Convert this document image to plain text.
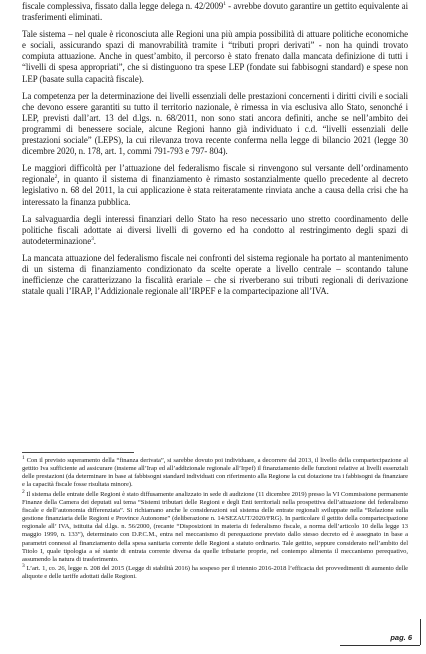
fiscale complessiva, fissato dalla legge delega n. 42/2009$^1$ - avrebbe dovuto garantire un gettito equivalente ai trasferimenti eliminati.

Tale sistema – nel quale è riconosciuta alle Regioni una più ampia possibilità di attuare politiche economiche e sociali, assicurando spazi di manovrabilità tramite i “tributi propri derivati” - non ha quindi trovato compiuta attuazione. Anche in quest’ambito, il percorso è stato frenato dalla mancata definizione di tutti i “livelli di spesa appropriati”, che si distinguono tra spese LEP (fondate sui fabbisogni standard) e spese non LEP (basate sulla capacità fiscale).

La competenza per la determinazione dei livelli essenziali delle prestazioni concernenti i diritti civili e sociali che devono essere garantiti su tutto il territorio nazionale, è rimessa in via esclusiva allo Stato, senonché i LEP, previsti dall’art. 13 del d.lgs. n. 68/2011, non sono stati ancora definiti, anche se nell’ambito dei programmi di benessere sociale, alcune Regioni hanno già individuato i c.d. “livelli essenziali delle prestazioni sociale” (LEPS), la cui rilevanza trova recente conferma nella legge di bilancio 2021 (legge 30 dicembre 2020, n. 178, art. 1, commi 791-793 e 797- 804).

Le maggiori difficoltà per l’attuazione del federalismo fiscale si rinvengono sul versante dell’ordinamento regionale$^2$, in quanto il sistema di finanziamento è rimasto sostanzialmente quello precedente al decreto legislativo n. 68 del 2011, la cui applicazione è stata reiteratamente rinviata anche a causa della crisi che ha interessato la finanza pubblica.

La salvaguardia degli interessi finanziari dello Stato ha reso necessario uno stretto coordinamento delle politiche fiscali adottate ai diversi livelli di governo ed ha condotto al restringimento degli spazi di autodeterminazione$^3$.

La mancata attuazione del federalismo fiscale nei confronti del sistema regionale ha portato al mantenimento di un sistema di finanziamento condizionato da scelte operate a livello centrale – scontando talune inefficienze che caratterizzano la fiscalità erariale – che si riverberano sui tributi regionali di derivazione statale quali l’IRAP, l’Addizionale regionale all’IRPEF e la compartecipazione all’IVA.

$^1$ Con il previsto superamento della “finanza derivata”, si sarebbe dovuto poi individuare, a decorrere dal 2013, il livello della compartecipazione al gettito Iva sufficiente ad assicurare (insieme all’Irap ed all’addizionale regionale all’Irpef) il finanziamento delle funzioni relative ai livelli essenziali delle prestazioni (da determinare in base ai fabbisogni standard individuati con riferimento alla Regione la cui dotazione tra i fabbisogni da finanziare e la capacità fiscale fosse risultata minore).

$^2$ Il sistema delle entrate delle Regioni è stato diffusamente analizzato in sede di audizione (11 dicembre 2019) presso la VI Commissione permanente Finanze della Camera dei deputati sul tema “Sistemi tributari delle Regioni e degli Enti territoriali nella prospettiva dell’attuazione del federalismo fiscale e dell’autonomia differenziata”. Si richiamano anche le considerazioni sul sistema delle entrate regionali sviluppate nella “Relazione sulla gestione finanziaria delle Regioni e Province Autonome” (deliberazione n. 14/SEZAUT/2020/FRG). In particolare il gettito della compartecipazione regionale all’ IVA, istituita dal d.lgs. n. 56/2000, (recante “Disposizioni in materia di federalismo fiscale, a norma dell’articolo 10 della legge 13 maggio 1999, n. 133”), determinato con D.P.C.M., entra nel meccanismo di perequazione previsto dallo stesso decreto ed è assegnato in base a parametri connessi al finanziamento della spesa sanitaria corrente delle Regioni a statuto ordinario. Tale gettito, seppure considerato nell’ambito del Titolo I, quale tipologia a sé stante di entrata corrente diversa da quelle tributarie proprie, nel contempo alimenta il meccanismo perequativo, assumendo la natura di trasferimento.

$^3$ L’art. 1, co. 26, legge n. 208 del 2015 (Legge di stabilità 2016) ha sospeso per il triennio 2016-2018 l’efficacia dei provvedimenti di aumento delle aliquote e delle tariffe adottati dalle Regioni.

pag. 6
